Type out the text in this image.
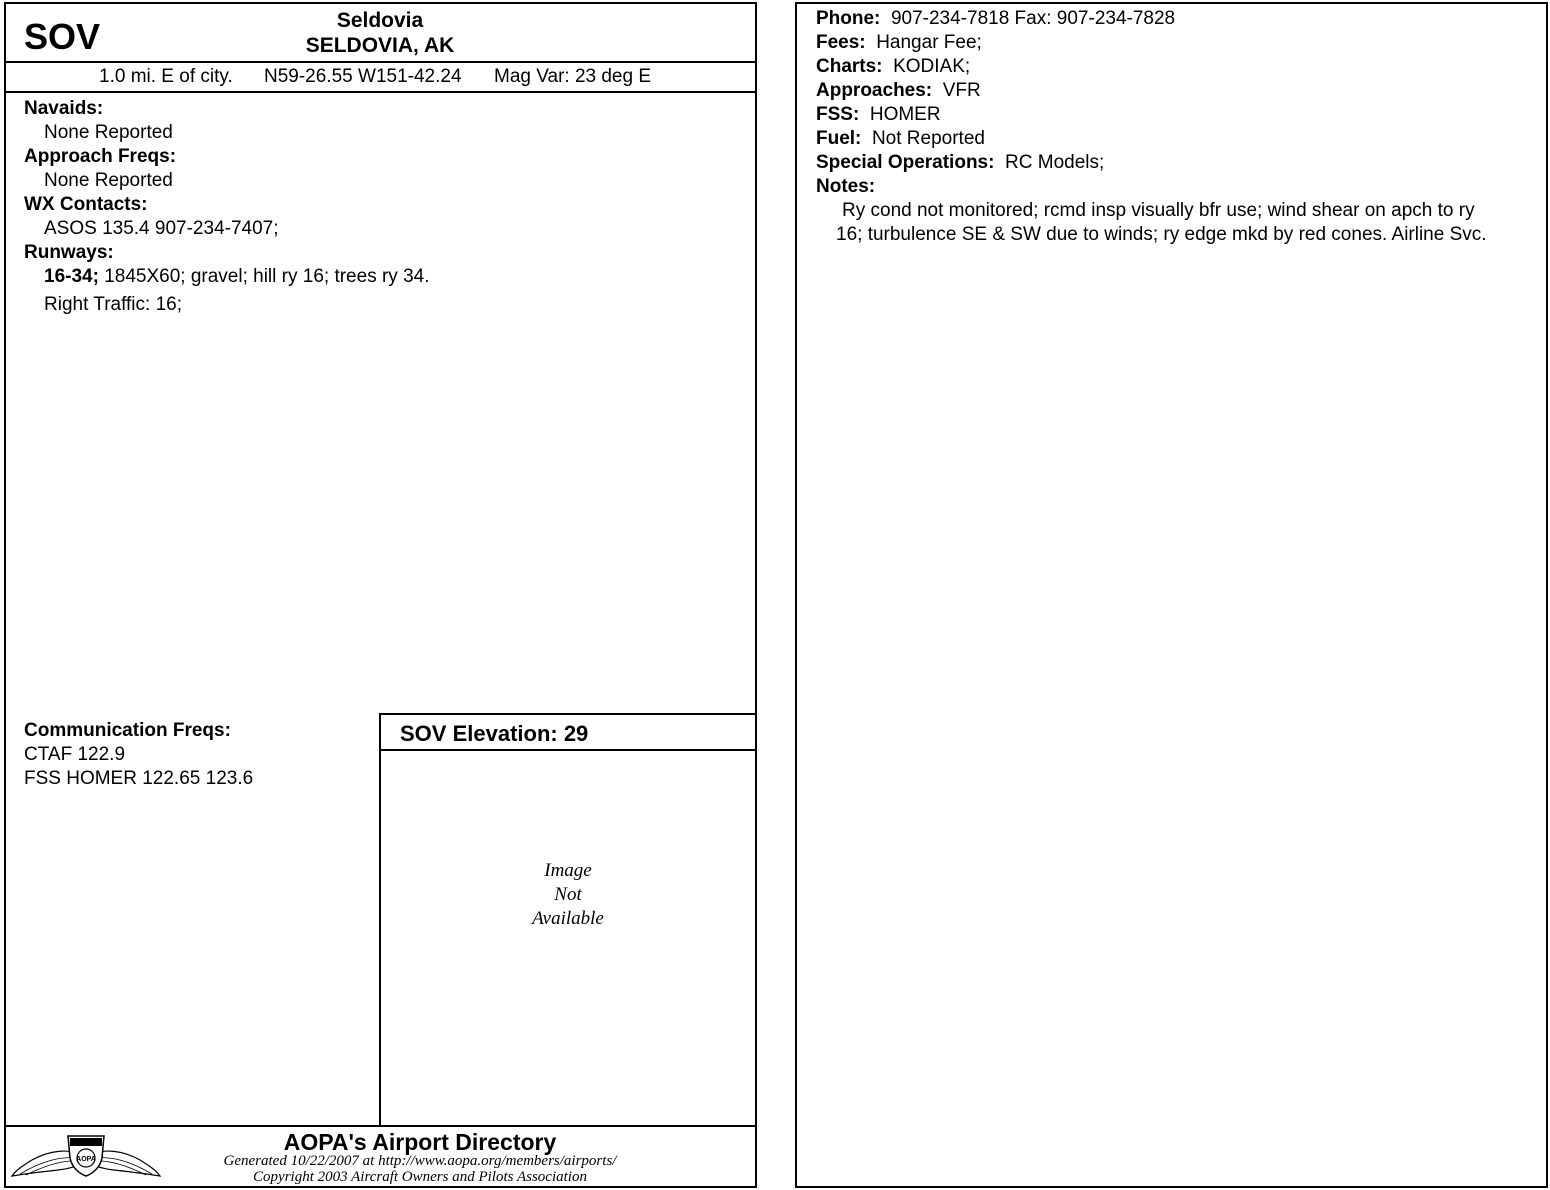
SOV	Seldovia
SELDOVIA, AK
1.0 mi. E of city. N59-26.55 W151-42.24 Mag Var: 23 deg E
Navaids:
None Reported
Approach Freqs:
None Reported
WX Contacts:
ASOS 135.4 907-234-7407;
Runways:
16-34; 1845X60; gravel; hill ry 16; trees ry 34.
Right Traffic: 16;
Communication Freqs:
CTAF 122.9
FSS HOMER 122.65 123.6
SOV Elevation: 29
Image
Not
Available
AOPA
AOPA's Airport Directory
Generated 10/22/2007 at http://www.aopa.org/members/airports/
Copyright 2003 Aircraft Owners and Pilots Association
Phone: 907-234-7818 Fax: 907-234-7828
Fees: Hangar Fee;
Charts: KODIAK;
Approaches: VFR
FSS: HOMER
Fuel: Not Reported
Special Operations: RC Models;
Notes:
Ry cond not monitored; rcmd insp visually bfr use; wind shear on apch to ry
16; turbulence SE & SW due to winds; ry edge mkd by red cones. Airline Svc.
